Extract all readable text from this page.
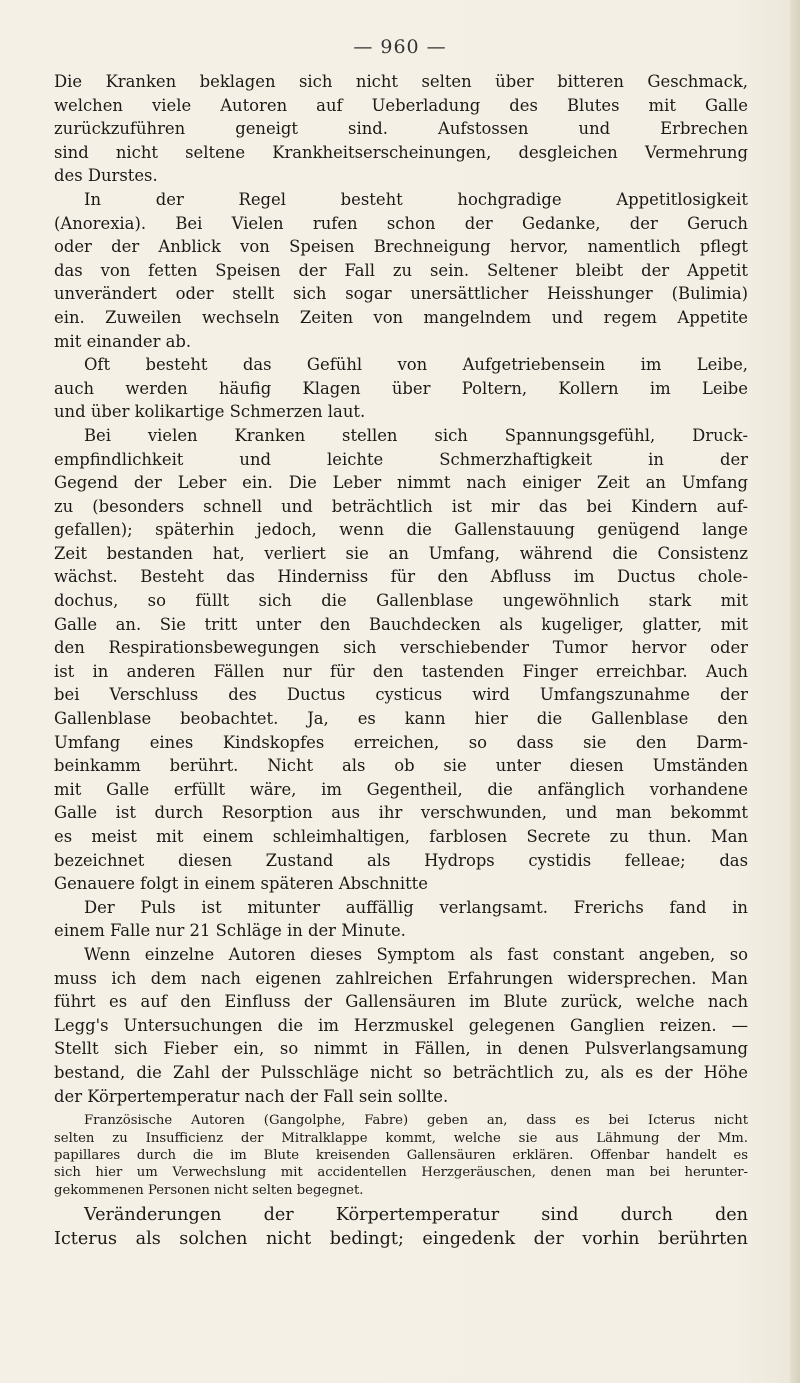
— 960 —
Die Kranken beklagen sich nicht selten über bitteren Geschmack,
welchen viele Autoren auf Ueberladung des Blutes mit Galle
zurückzuführen geneigt sind. Aufstossen und Erbrechen
sind nicht seltene Krankheitserscheinungen, desgleichen Vermehrung
des Durstes.
In der Regel besteht hochgradige Appetitlosigkeit
(Anorexia). Bei Vielen rufen schon der Gedanke, der Geruch
oder der Anblick von Speisen Brechneigung hervor, namentlich pflegt
das von fetten Speisen der Fall zu sein. Seltener bleibt der Appetit
unverändert oder stellt sich sogar unersättlicher Heisshunger (Bulimia)
ein. Zuweilen wechseln Zeiten von mangelndem und regem Appetite
mit einander ab.
Oft besteht das Gefühl von Aufgetriebensein im Leibe,
auch werden häufig Klagen über Poltern, Kollern im Leibe
und über kolikartige Schmerzen laut.
Bei vielen Kranken stellen sich Spannungsgefühl, Druck-
empfindlichkeit und leichte Schmerzhaftigkeit in der
Gegend der Leber ein. Die Leber nimmt nach einiger Zeit an Umfang
zu (besonders schnell und beträchtlich ist mir das bei Kindern auf-
gefallen); späterhin jedoch, wenn die Gallenstauung genügend lange
Zeit bestanden hat, verliert sie an Umfang, während die Consistenz
wächst. Besteht das Hinderniss für den Abfluss im Ductus chole-
dochus, so füllt sich die Gallenblase ungewöhnlich stark mit
Galle an. Sie tritt unter den Bauchdecken als kugeliger, glatter, mit
den Respirationsbewegungen sich verschiebender Tumor hervor oder
ist in anderen Fällen nur für den tastenden Finger erreichbar. Auch
bei Verschluss des Ductus cysticus wird Umfangszunahme der
Gallenblase beobachtet. Ja, es kann hier die Gallenblase den
Umfang eines Kindskopfes erreichen, so dass sie den Darm-
beinkamm berührt. Nicht als ob sie unter diesen Umständen
mit Galle erfüllt wäre, im Gegentheil, die anfänglich vorhandene
Galle ist durch Resorption aus ihr verschwunden, und man bekommt
es meist mit einem schleimhaltigen, farblosen Secrete zu thun. Man
bezeichnet diesen Zustand als Hydrops cystidis felleae; das
Genauere folgt in einem späteren Abschnitte
Der Puls ist mitunter auffällig verlangsamt. Frerichs fand in
einem Falle nur 21 Schläge in der Minute.
Wenn einzelne Autoren dieses Symptom als fast constant angeben, so
muss ich dem nach eigenen zahlreichen Erfahrungen widersprechen. Man
führt es auf den Einfluss der Gallensäuren im Blute zurück, welche nach
Legg's Untersuchungen die im Herzmuskel gelegenen Ganglien reizen. —
Stellt sich Fieber ein, so nimmt in Fällen, in denen Pulsverlangsamung
bestand, die Zahl der Pulsschläge nicht so beträchtlich zu, als es der Höhe
der Körpertemperatur nach der Fall sein sollte.
Französische Autoren (Gangolphe, Fabre) geben an, dass es bei Icterus nicht
selten zu Insufficienz der Mitralklappe kommt, welche sie aus Lähmung der Mm.
papillares durch die im Blute kreisenden Gallensäuren erklären. Offenbar handelt es
sich hier um Verwechslung mit accidentellen Herzgeräuschen, denen man bei herunter-
gekommenen Personen nicht selten begegnet.
Veränderungen der Körpertemperatur sind durch den
Icterus als solchen nicht bedingt; eingedenk der vorhin berührten
